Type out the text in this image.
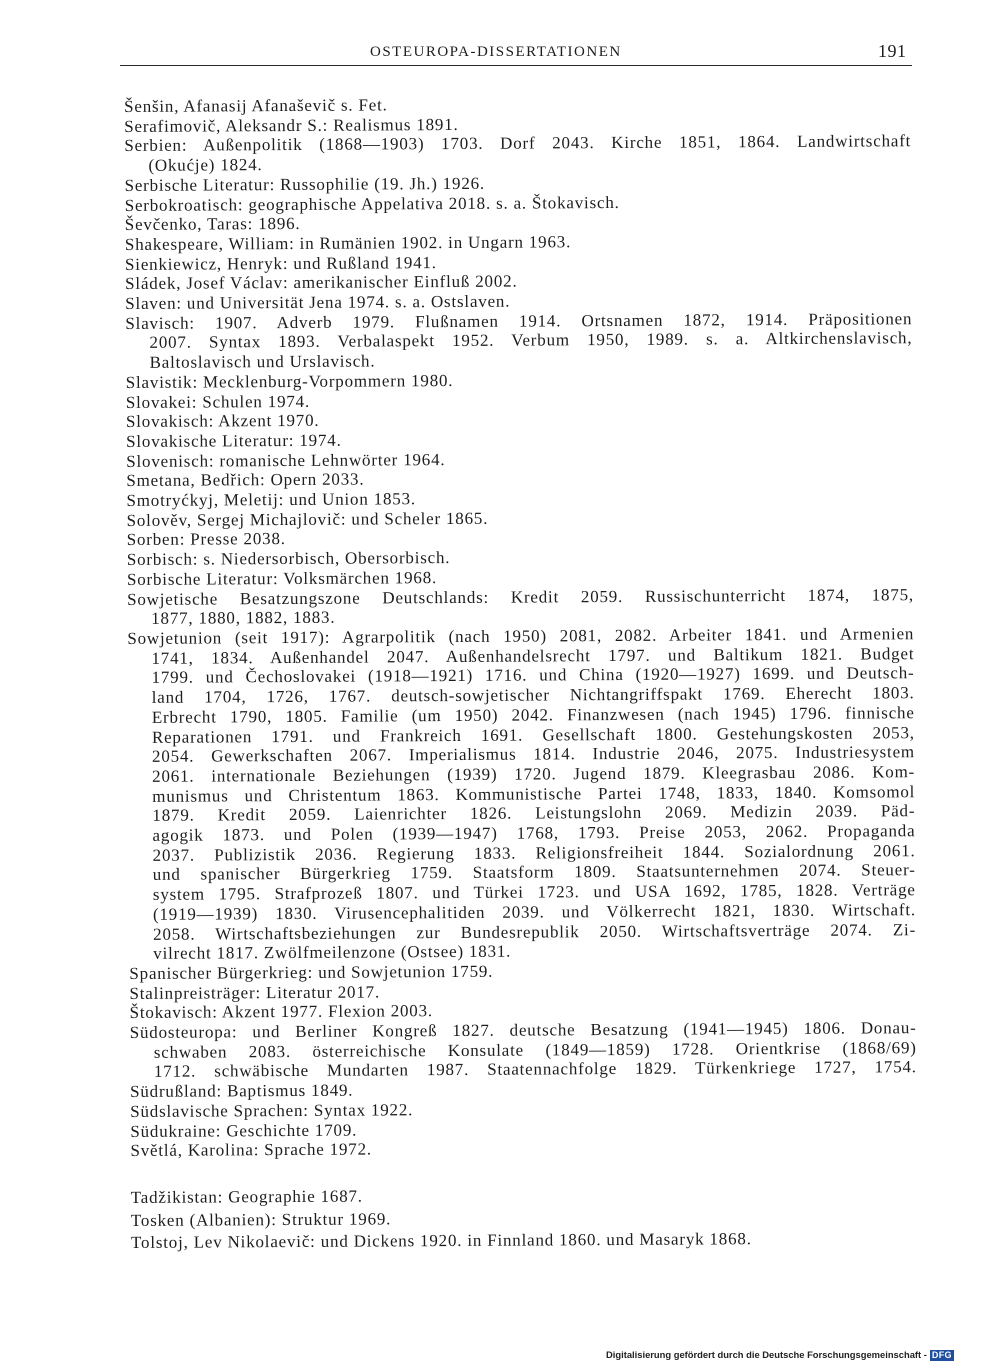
OSTEUROPA-DISSERTATIONEN	191
Šenšin, Afanasij Afanaševič s. Fet.
Serafimovič, Aleksandr S.: Realismus 1891.
Serbien: Außenpolitik (1868—1903) 1703. Dorf 2043. Kirche 1851, 1864. Landwirtschaft
(Okućje) 1824.
Serbische Literatur: Russophilie (19. Jh.) 1926.
Serbokroatisch: geographische Appelativa 2018. s. a. Štokavisch.
Ševčenko, Taras: 1896.
Shakespeare, William: in Rumänien 1902. in Ungarn 1963.
Sienkiewicz, Henryk: und Rußland 1941.
Sládek, Josef Václav: amerikanischer Einfluß 2002.
Slaven: und Universität Jena 1974. s. a. Ostslaven.
Slavisch: 1907. Adverb 1979. Flußnamen 1914. Ortsnamen 1872, 1914. Präpositionen
2007. Syntax 1893. Verbalaspekt 1952. Verbum 1950, 1989. s. a. Altkirchenslavisch,
Baltoslavisch und Urslavisch.
Slavistik: Mecklenburg-Vorpommern 1980.
Slovakei: Schulen 1974.
Slovakisch: Akzent 1970.
Slovakische Literatur: 1974.
Slovenisch: romanische Lehnwörter 1964.
Smetana, Bedřich: Opern 2033.
Smotryćkyj, Meletij: und Union 1853.
Solověv, Sergej Michajlovič: und Scheler 1865.
Sorben: Presse 2038.
Sorbisch: s. Niedersorbisch, Obersorbisch.
Sorbische Literatur: Volksmärchen 1968.
Sowjetische Besatzungszone Deutschlands: Kredit 2059. Russischunterricht 1874, 1875,
1877, 1880, 1882, 1883.
Sowjetunion (seit 1917): Agrarpolitik (nach 1950) 2081, 2082. Arbeiter 1841. und Armenien
1741, 1834. Außenhandel 2047. Außenhandelsrecht 1797. und Baltikum 1821. Budget
1799. und Čechoslovakei (1918—1921) 1716. und China (1920—1927) 1699. und Deutsch-
land 1704, 1726, 1767. deutsch-sowjetischer Nichtangriffspakt 1769. Eherecht 1803.
Erbrecht 1790, 1805. Familie (um 1950) 2042. Finanzwesen (nach 1945) 1796. finnische
Reparationen 1791. und Frankreich 1691. Gesellschaft 1800. Gestehungskosten 2053,
2054. Gewerkschaften 2067. Imperialismus 1814. Industrie 2046, 2075. Industriesystem
2061. internationale Beziehungen (1939) 1720. Jugend 1879. Kleegrasbau 2086. Kom-
munismus und Christentum 1863. Kommunistische Partei 1748, 1833, 1840. Komsomol
1879. Kredit 2059. Laienrichter 1826. Leistungslohn 2069. Medizin 2039. Päd-
agogik 1873. und Polen (1939—1947) 1768, 1793. Preise 2053, 2062. Propaganda
2037. Publizistik 2036. Regierung 1833. Religionsfreiheit 1844. Sozialordnung 2061.
und spanischer Bürgerkrieg 1759. Staatsform 1809. Staatsunternehmen 2074. Steuer-
system 1795. Strafprozeß 1807. und Türkei 1723. und USA 1692, 1785, 1828. Verträge
(1919—1939) 1830. Virusencephalitiden 2039. und Völkerrecht 1821, 1830. Wirtschaft.
2058. Wirtschaftsbeziehungen zur Bundesrepublik 2050. Wirtschaftsverträge 2074. Zi-
vilrecht 1817. Zwölfmeilenzone (Ostsee) 1831.
Spanischer Bürgerkrieg: und Sowjetunion 1759.
Stalinpreisträger: Literatur 2017.
Štokavisch: Akzent 1977. Flexion 2003.
Südosteuropa: und Berliner Kongreß 1827. deutsche Besatzung (1941—1945) 1806. Donau-
schwaben 2083. österreichische Konsulate (1849—1859) 1728. Orientkrise (1868/69)
1712. schwäbische Mundarten 1987. Staatennachfolge 1829. Türkenkriege 1727, 1754.
Südrußland: Baptismus 1849.
Südslavische Sprachen: Syntax 1922.
Südukraine: Geschichte 1709.
Světlá, Karolina: Sprache 1972.
Tadžikistan: Geographie 1687.
Tosken (Albanien): Struktur 1969.
Tolstoj, Lev Nikolaevič: und Dickens 1920. in Finnland 1860. und Masaryk 1868.
Digitalisierung gefördert durch die Deutsche Forschungsgemeinschaft - DFG
